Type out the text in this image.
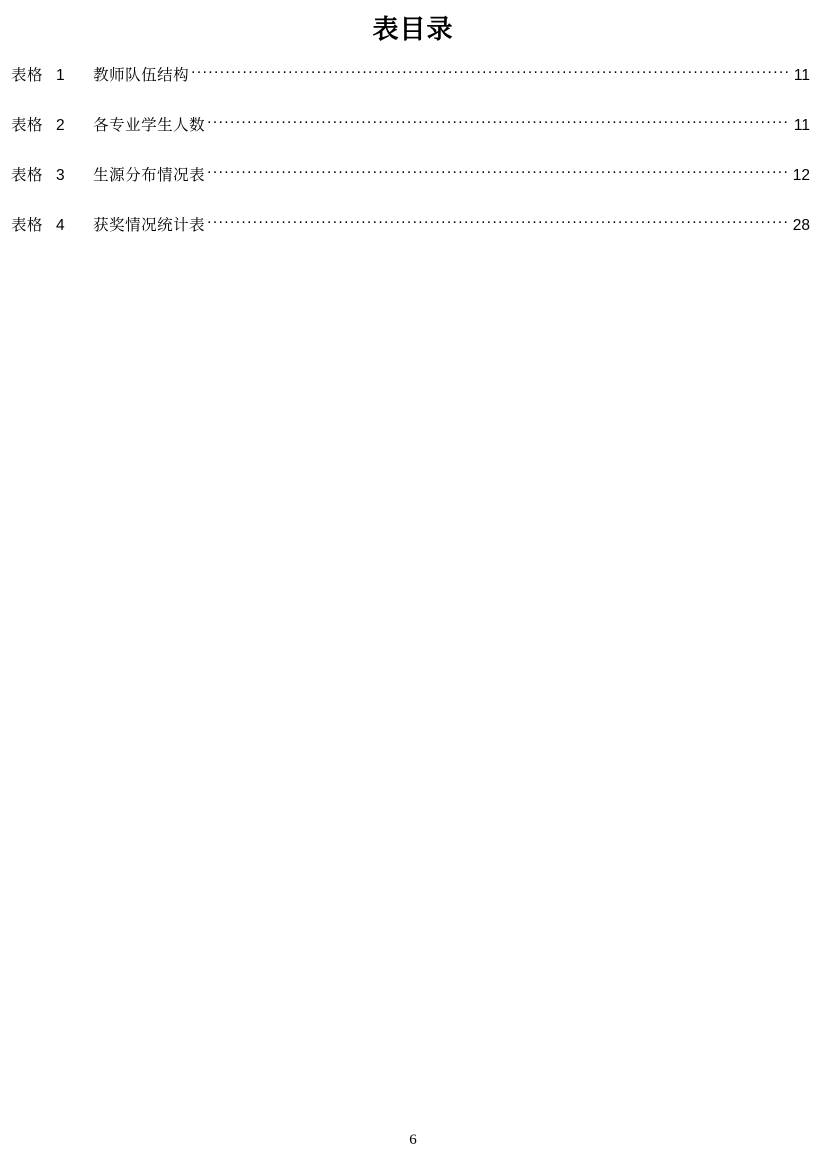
表目录
表格 1 教师队伍结构 .....	11
表格 2 各专业学生人数 .....	11
表格 3 生源分布情况表 .....	12
表格 4 获奖情况统计表 .....	28
6
